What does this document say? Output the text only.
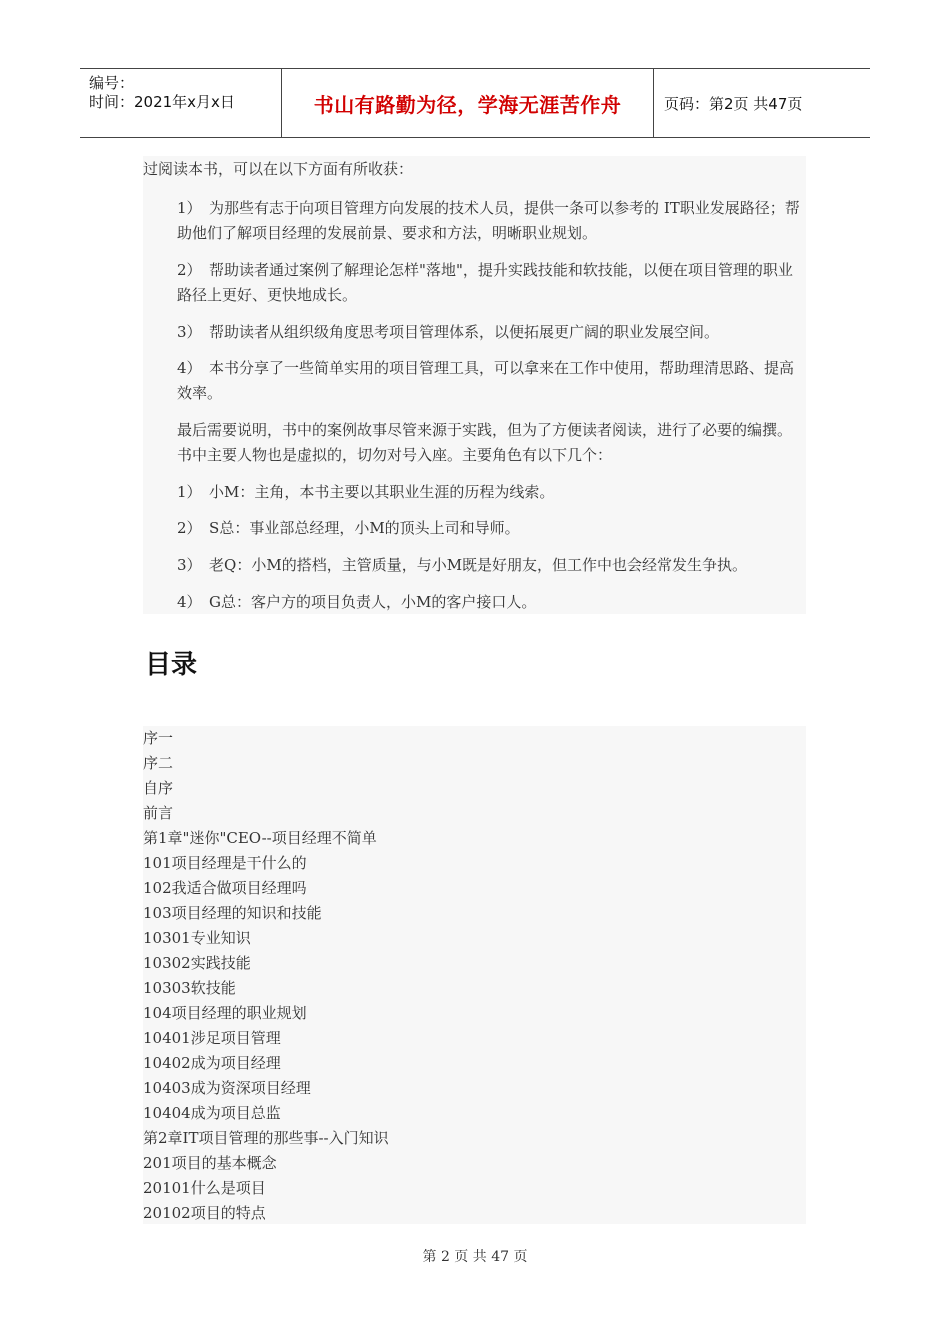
编号：
时间：2021年x月x日	书山有路勤为径，学海无涯苦作舟	页码：第2页 共47页
过阅读本书，可以在以下方面有所收获：
1）　为那些有志于向项目管理方向发展的技术人员，提供一条可以参考的 IT职业发展路径；帮助他们了解项目经理的发展前景、要求和方法，明晰职业规划。
2）　帮助读者通过案例了解理论怎样"落地"，提升实践技能和软技能，以便在项目管理的职业路径上更好、更快地成长。
3）　帮助读者从组织级角度思考项目管理体系，以便拓展更广阔的职业发展空间。
4）　本书分享了一些简单实用的项目管理工具，可以拿来在工作中使用，帮助理清思路、提高效率。
最后需要说明，书中的案例故事尽管来源于实践，但为了方便读者阅读，进行了必要的编撰。书中主要人物也是虚拟的，切勿对号入座。主要角色有以下几个：
1）　小M：主角，本书主要以其职业生涯的历程为线索。
2）　S总：事业部总经理，小M的顶头上司和导师。
3）　老Q：小M的搭档，主管质量，与小M既是好朋友，但工作中也会经常发生争执。
4）　G总：客户方的项目负责人，小M的客户接口人。
目录
序一
序二
自序
前言
第1章"迷你"CEO--项目经理不简单
101项目经理是干什么的
102我适合做项目经理吗
103项目经理的知识和技能
10301专业知识
10302实践技能
10303软技能
104项目经理的职业规划
10401涉足项目管理
10402成为项目经理
10403成为资深项目经理
10404成为项目总监
第2章IT项目管理的那些事--入门知识
201项目的基本概念
20101什么是项目
20102项目的特点
第 2 页 共 47 页
